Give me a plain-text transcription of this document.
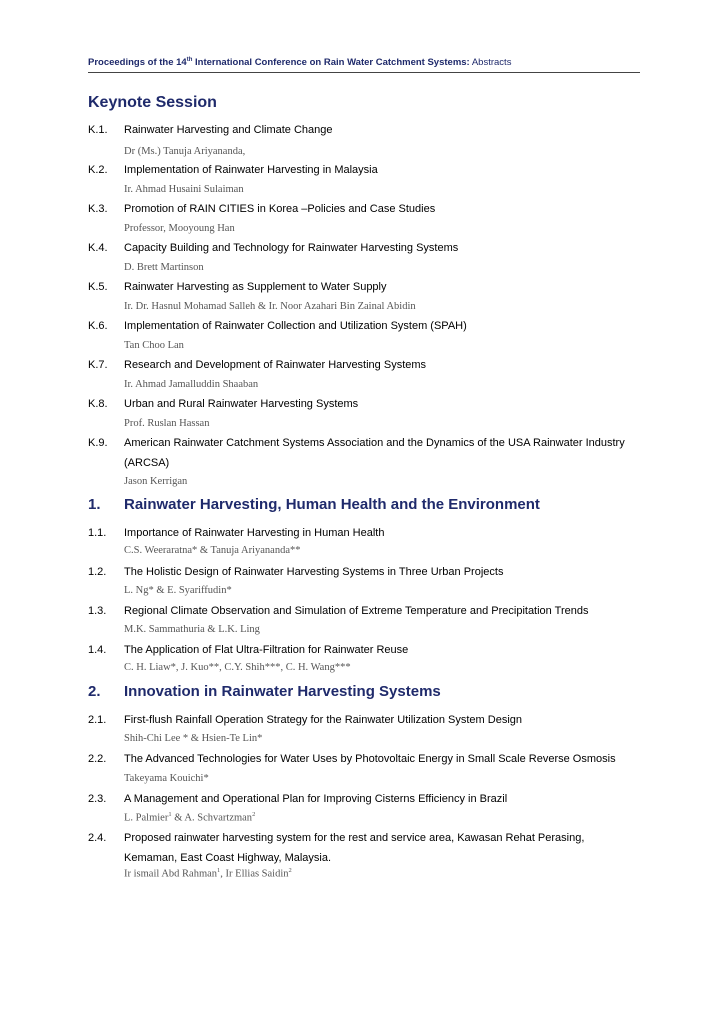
Proceedings of the 14th International Conference on Rain Water Catchment Systems: Abstracts
Keynote Session
K.1. Rainwater Harvesting and Climate Change
Dr (Ms.) Tanuja Ariyananda,
K.2. Implementation of Rainwater Harvesting in Malaysia
Ir. Ahmad Husaini Sulaiman
K.3. Promotion of RAIN CITIES in Korea –Policies and Case Studies
Professor, Mooyoung Han
K.4. Capacity Building and Technology for Rainwater Harvesting Systems
D. Brett Martinson
K.5. Rainwater Harvesting as Supplement to Water Supply
Ir. Dr. Hasnul Mohamad Salleh & Ir. Noor Azahari Bin Zainal Abidin
K.6. Implementation of Rainwater Collection and Utilization System (SPAH)
Tan Choo Lan
K.7. Research and Development of Rainwater Harvesting Systems
Ir. Ahmad Jamalluddin Shaaban
K.8. Urban and Rural Rainwater Harvesting Systems
Prof. Ruslan Hassan
K.9. American Rainwater Catchment Systems Association and the Dynamics of the USA Rainwater Industry (ARCSA)
Jason Kerrigan
1. Rainwater Harvesting, Human Health and the Environment
1.1. Importance of Rainwater Harvesting in Human Health
C.S. Weeraratna* & Tanuja Ariyananda**
1.2. The Holistic Design of Rainwater Harvesting Systems in Three Urban Projects
L. Ng* & E. Syariffudin*
1.3. Regional Climate Observation and Simulation of Extreme Temperature and Precipitation Trends
M.K. Sammathuria & L.K. Ling
1.4. The Application of Flat Ultra-Filtration for Rainwater Reuse
C. H. Liaw*, J. Kuo**, C.Y. Shih***, C. H. Wang***
2. Innovation in Rainwater Harvesting Systems
2.1. First-flush Rainfall Operation Strategy for the Rainwater Utilization System Design
Shih-Chi Lee * & Hsien-Te Lin*
2.2. The Advanced Technologies for Water Uses by Photovoltaic Energy in Small Scale Reverse Osmosis
Takeyama Kouichi*
2.3. A Management and Operational Plan for Improving Cisterns Efficiency in Brazil
L. Palmier$^1$ & A. Schvartzman$^2$
2.4. Proposed rainwater harvesting system for the rest and service area, Kawasan Rehat Perasing, Kemaman, East Coast Highway, Malaysia.
Ir ismail Abd Rahman$^1$, Ir Ellias Saidin$^2$
